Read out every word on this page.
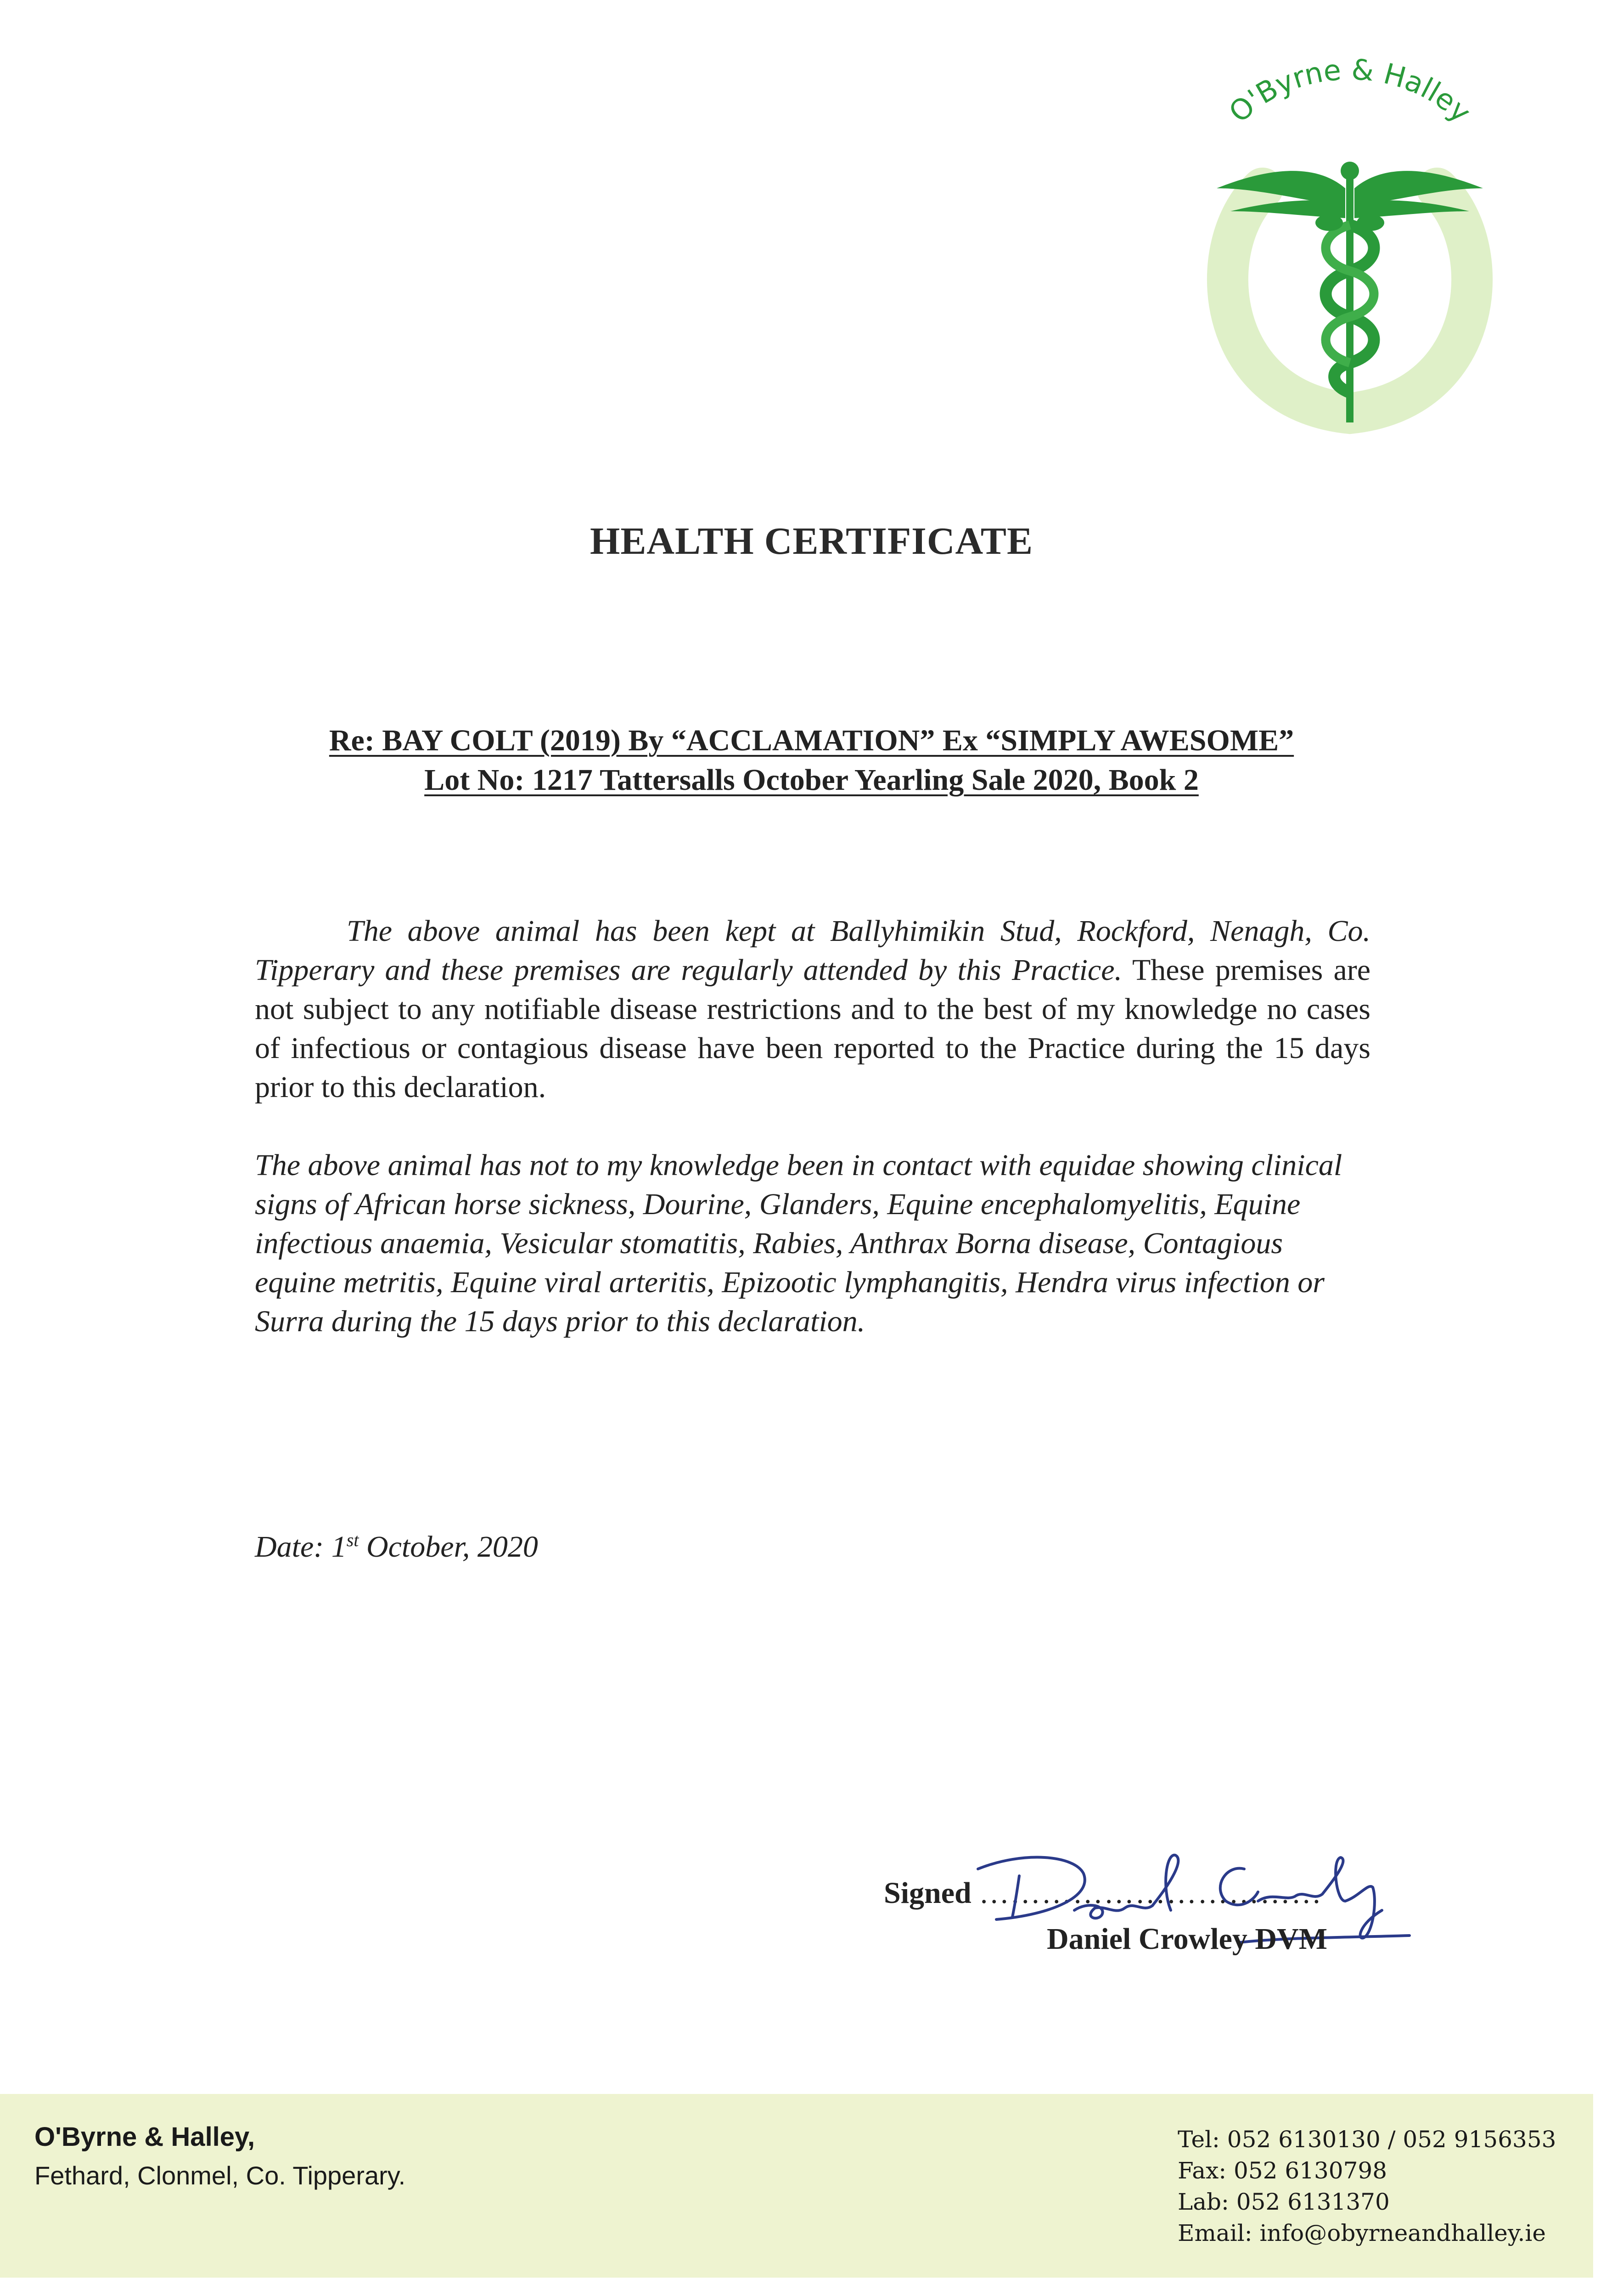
O'Byrne & Halley
HEALTH CERTIFICATE
Re: BAY COLT (2019) By “ACCLAMATION” Ex “SIMPLY AWESOME”
Lot No: 1217 Tattersalls October Yearling Sale 2020, Book 2
The above animal has been kept at Ballyhimikin Stud, Rockford, Nenagh, Co. Tipperary and these premises are regularly attended by this Practice. These premises are not subject to any notifiable disease restrictions and to the best of my knowledge no cases of infectious or contagious disease have been reported to the Practice during the 15 days prior to this declaration.
The above animal has not to my knowledge been in contact with equidae showing clinical signs of African horse sickness, Dourine, Glanders, Equine encephalomyelitis, Equine infectious anaemia, Vesicular stomatitis, Rabies, Anthrax Borna disease, Contagious equine metritis, Equine viral arteritis, Epizootic lymphangitis, Hendra virus infection or Surra during the 15 days prior to this declaration.
Date: 1st October, 2020
Signed ……………………………
Daniel Crowley DVM
O'Byrne & Halley,
Fethard, Clonmel, Co. Tipperary.
Tel: 052 6130130 / 052 9156353
Fax: 052 6130798
Lab: 052 6131370
Email: info@obyrneandhalley.ie
